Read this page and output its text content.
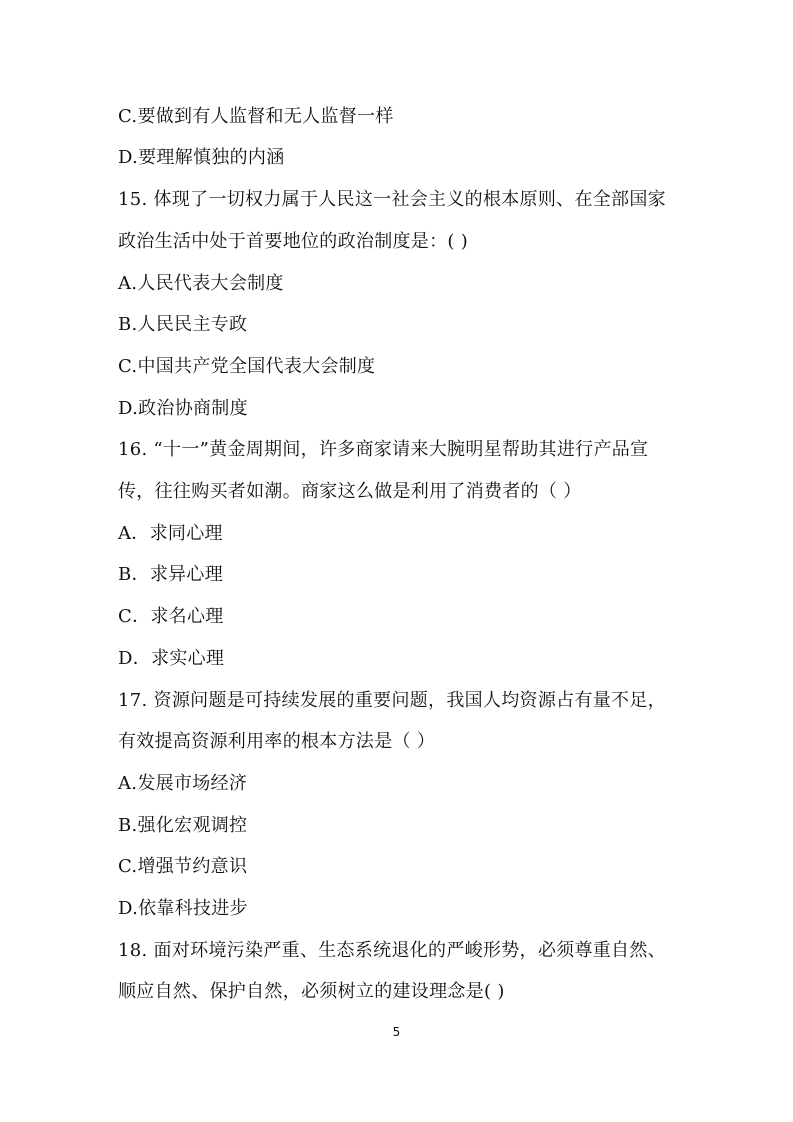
C.要做到有人监督和无人监督一样
D.要理解慎独的内涵
15. 体现了一切权力属于人民这一社会主义的根本原则、在全部国家
政治生活中处于首要地位的政治制度是：( )
A.人民代表大会制度
B.人民民主专政
C.中国共产党全国代表大会制度
D.政治协商制度
16. “十一”黄金周期间，许多商家请来大腕明星帮助其进行产品宣
传，往往购买者如潮。商家这么做是利用了消费者的（ ）
A．求同心理
B．求异心理
C．求名心理
D．求实心理
17. 资源问题是可持续发展的重要问题，我国人均资源占有量不足，
有效提高资源利用率的根本方法是（ ）
A.发展市场经济
B.强化宏观调控
C.增强节约意识
D.依靠科技进步
18. 面对环境污染严重、生态系统退化的严峻形势，必须尊重自然、
顺应自然、保护自然，必须树立的建设理念是( )
5
